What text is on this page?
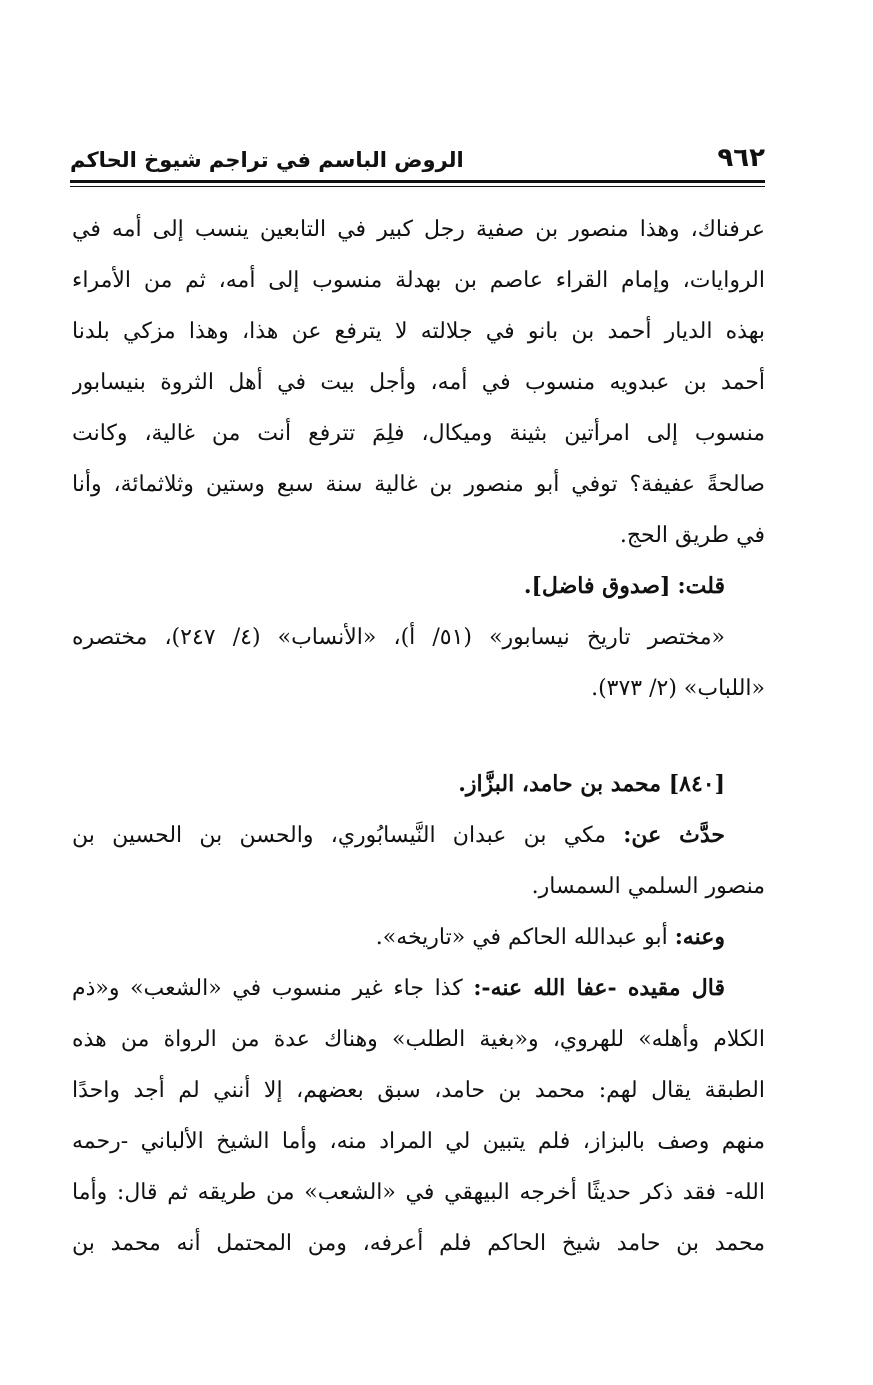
٩٦٢
الروض الباسم في تراجم شيوخ الحاكم
عرفناك، وهذا منصور بن صفية رجل كبير في التابعين ينسب إلى أمه في
الروايات، وإمام القراء عاصم بن بهدلة منسوب إلى أمه، ثم من الأمراء
بهذه الديار أحمد بن بانو في جلالته لا يترفع عن هذا، وهذا مزكي بلدنا
أحمد بن عبدويه منسوب في أمه، وأجل بيت في أهل الثروة بنيسابور
منسوب إلى امرأتين بثينة وميكال، فلِمَ تترفع أنت من غالية، وكانت
صالحةً عفيفة؟ توفي أبو منصور بن غالية سنة سبع وستين وثلاثمائة، وأنا
في طريق الحج.
قلت: [صدوق فاضل].
«مختصر تاريخ نيسابور» (٥١/ أ)، «الأنساب» (٤/ ٢٤٧)، مختصره
«اللباب» (٢/ ٣٧٣).
[٨٤٠] محمد بن حامد، البزَّاز.
حدَّث عن: مكي بن عبدان النَّيسابُوري، والحسن بن الحسين بن
منصور السلمي السمسار.
وعنه: أبو عبدالله الحاكم في «تاريخه».
قال مقيده -عفا الله عنه-: كذا جاء غير منسوب في «الشعب» و«ذم
الكلام وأهله» للهروي، و«بغية الطلب» وهناك عدة من الرواة من هذه
الطبقة يقال لهم: محمد بن حامد، سبق بعضهم، إلا أنني لم أجد واحدًا
منهم وصف بالبزاز، فلم يتبين لي المراد منه، وأما الشيخ الألباني -رحمه
الله- فقد ذكر حديثًا أخرجه البيهقي في «الشعب» من طريقه ثم قال: وأما
محمد بن حامد شيخ الحاكم فلم أعرفه، ومن المحتمل أنه محمد بن
